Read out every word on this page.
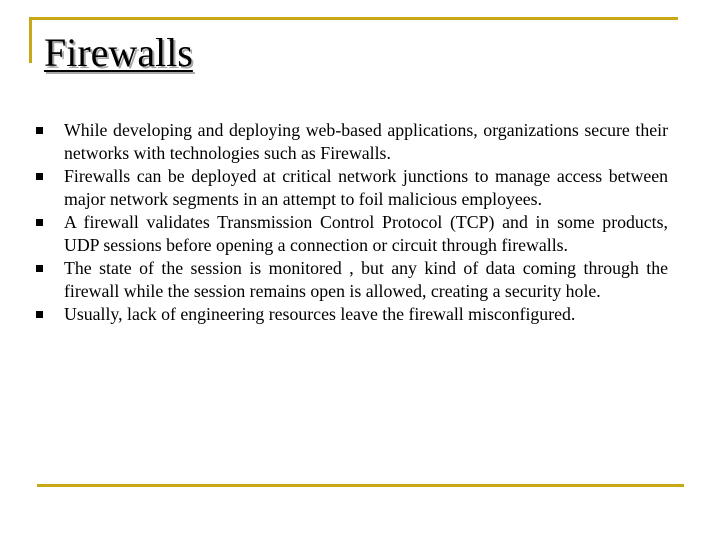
Firewalls
While developing and deploying web-based applications, organizations secure their networks with technologies such as Firewalls.
Firewalls can be deployed at critical network junctions to manage access between major network segments in an attempt to foil malicious employees.
A firewall validates Transmission Control Protocol (TCP) and in some products, UDP sessions before opening a connection or circuit through firewalls.
The state of the session is monitored , but any kind of data coming through the firewall while the session remains open is allowed, creating a security hole.
Usually, lack of engineering resources leave the firewall misconfigured.
